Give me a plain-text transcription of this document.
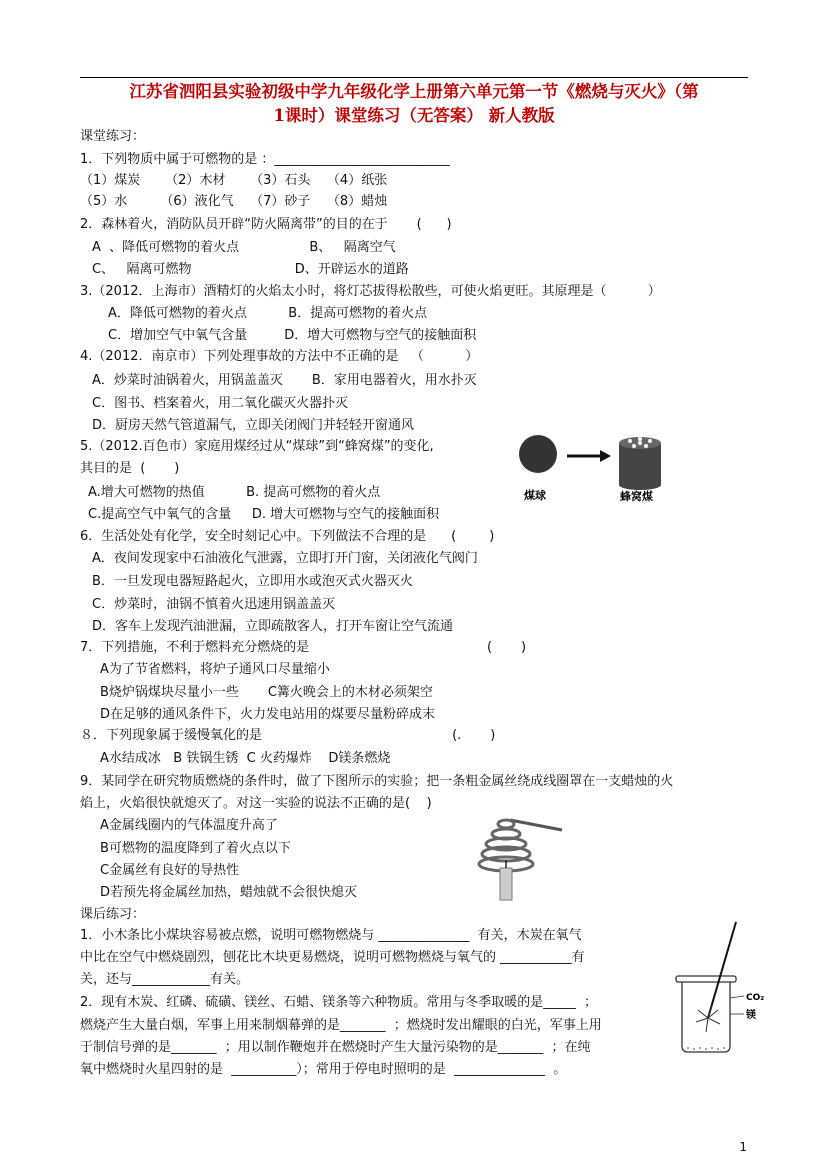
江苏省泗阳县实验初级中学九年级化学上册第六单元第一节《燃烧与灭火》（第
1课时）课堂练习（无答案） 新人教版
课堂练习：
1．下列物质中属于可燃物的是 ：___________________________
（1）煤炭      （2）木材      （3）石头    （4）纸张
（5）水        （6）液化气    （7）砂子    （8）蜡烛
2．森林着火，消防队员开辟“防火隔离带”的目的在于       (      )
A  、降低可燃物的着火点                 B、   隔离空气
C、   隔离可燃物                         D、开辟运水的道路
3.（2012．上海市）酒精灯的火焰太小时，将灯芯拔得松散些，可使火焰更旺。其原理是（          ）
A．降低可燃物的着火点          B．提高可燃物的着火点
C．增加空气中氧气含量         D．增大可燃物与空气的接触面积
4.（2012．南京市）下列处理事故的方法中不正确的是   （          ）
A．炒菜时油锅着火，用锅盖盖灭       B．家用电器着火，用水扑灭
C．图书、档案着火，用二氧化碳灭火器扑灭
D．厨房天然气管道漏气，立即关闭阀门并轻轻开窗通风
5.（2012.百色市）家庭用煤经过从“煤球”到“蜂窝煤”的变化,
其目的是  (       )
A.增大可燃物的热值          B. 提高可燃物的着火点
C.提高空气中氧气的含量     D. 增大可燃物与空气的接触面积
煤球	蜂窝煤
6．生活处处有化学，安全时刻记心中。下列做法不合理的是      (        )
A．夜间发现家中石油液化气泄露，立即打开门窗，关闭液化气阀门
B．一旦发现电器短路起火，立即用水或泡灭式火器灭火
C．炒菜时，油锅不慎着火迅速用锅盖盖灭
D．客车上发现汽油泄漏，立即疏散客人，打开车窗让空气流通
7．下列措施，不利于燃料充分燃烧的是                                           (       )
A为了节省燃料，将炉子通风口尽量缩小
B烧炉锅煤块尽量小一些       C篝火晚会上的木材必须架空
D在足够的通风条件下，火力发电站用的煤要尽量粉碎成末
８．下列现象属于缓慢氧化的是                                              (.       )
A水结成冰   B 铁锅生锈  C 火药爆炸    D镁条燃烧
9．某同学在研究物质燃烧的条件时，做了下图所示的实验；把一条粗金属丝绕成线圈罩在一支蜡烛的火
焰上，火焰很快就熄灭了。对这一实验的说法不正确的是(    )
A金属线圈内的气体温度升高了
B可燃物的温度降到了着火点以下
C金属丝有良好的导热性
D若预先将金属丝加热，蜡烛就不会很快熄灭
课后练习：
1．小木条比小煤块容易被点燃，说明可燃物燃烧与 ______________  有关，木炭在氧气
中比在空气中燃烧剧烈，刨花比木块更易燃烧，说明可燃物燃烧与氧气的 ___________有
关，还与____________有关。
2．现有木炭、红磷、硫磺、镁丝、石蜡、镁条等六种物质。常用与冬季取暖的是_____  ；
燃烧产生大量白烟，军事上用来制烟幕弹的是_______  ；燃烧时发出耀眼的白光，军事上用
于制信号弹的是_______  ；用以制作鞭炮并在燃烧时产生大量污染物的是_______  ；在纯
氧中燃烧时火星四射的是  __________）；常用于停电时照明的是  ______________  。
CO₂
镁
1
